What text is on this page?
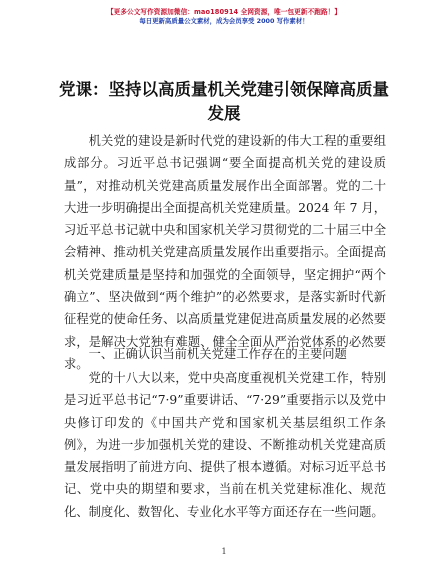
【更多公文写作资源加微信：mao180914 全网资源，唯一包更新不跑路！】
每日更新高质量公文素材，成为会员享受 2000 写作素材！
党课：坚持以高质量机关党建引领保障高质量发展

机关党的建设是新时代党的建设新的伟大工程的重要组成部分。习近平总书记强调“要全面提高机关党的建设质量”，对推动机关党建高质量发展作出全面部署。党的二十大进一步明确提出全面提高机关党建质量。2024 年 7 月，习近平总书记就中央和国家机关学习贯彻党的二十届三中全会精神、推动机关党建高质量发展作出重要指示。全面提高机关党建质量是坚持和加强党的全面领导，坚定拥护“两个确立”、坚决做到“两个维护”的必然要求，是落实新时代新征程党的使命任务、以高质量党建促进高质量发展的必然要求，是解决大党独有难题、健全全面从严治党体系的必然要求。

一、正确认识当前机关党建工作存在的主要问题

党的十八大以来，党中央高度重视机关党建工作，特别是习近平总书记“7·9”重要讲话、“7·29”重要指示以及党中央修订印发的《中国共产党和国家机关基层组织工作条例》，为进一步加强机关党的建设、不断推动机关党建高质量发展指明了前进方向、提供了根本遵循。对标习近平总书记、党中央的期望和要求，当前在机关党建标准化、规范化、制度化、数智化、专业化水平等方面还存在一些问题。

1
